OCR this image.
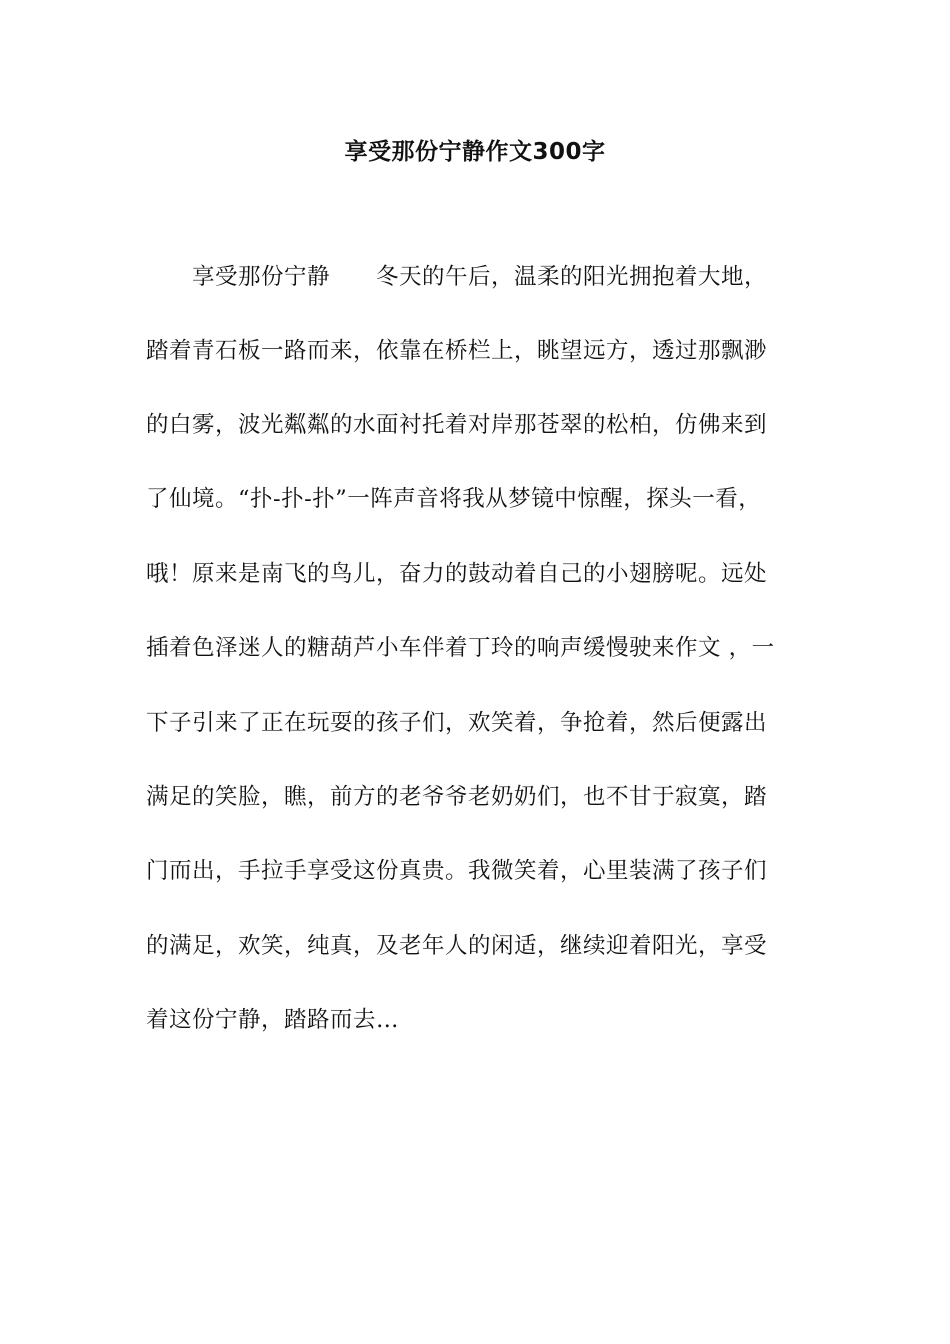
享受那份宁静作文300字
享受那份宁静　　冬天的午后，温柔的阳光拥抱着大地，
踏着青石板一路而来，依靠在桥栏上，眺望远方，透过那飘渺
的白雾，波光粼粼的水面衬托着对岸那苍翠的松柏，仿佛来到
了仙境。“扑-扑-扑”一阵声音将我从梦镜中惊醒，探头一看，
哦！原来是南飞的鸟儿，奋力的鼓动着自己的小翅膀呢。远处
插着色泽迷人的糖葫芦小车伴着丁玲的响声缓慢驶来作文 ，一
下子引来了正在玩耍的孩子们，欢笑着，争抢着，然后便露出
满足的笑脸，瞧，前方的老爷爷老奶奶们，也不甘于寂寞，踏
门而出，手拉手享受这份真贵。我微笑着，心里装满了孩子们
的满足，欢笑，纯真，及老年人的闲适，继续迎着阳光，享受
着这份宁静，踏路而去…
